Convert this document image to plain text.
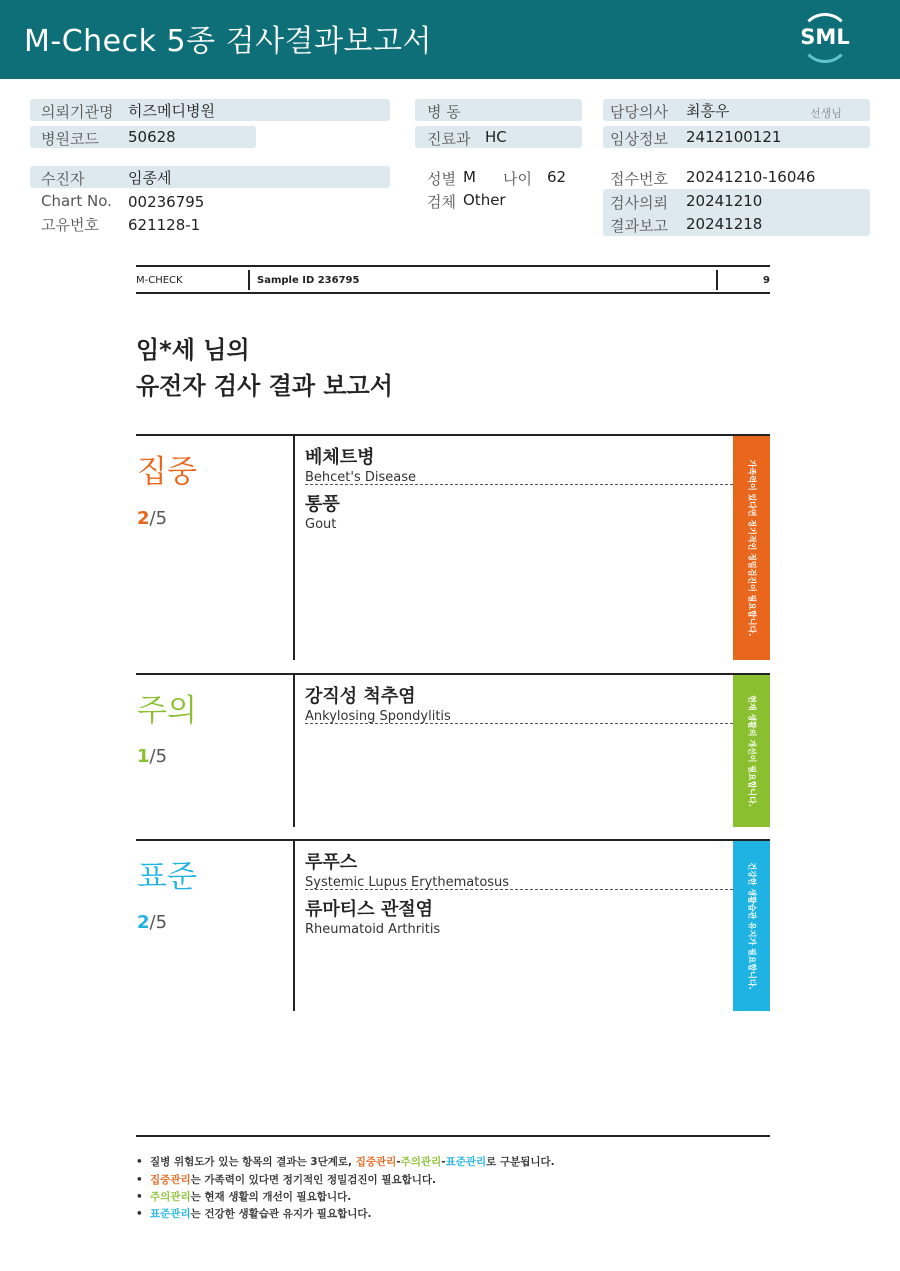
M-Check 5종 검사결과보고서	SML
의뢰기관명 히즈메디병원
병원코드 50628
병 동
진료과 HC
담당의사 최흥우	선생님
임상정보 2412100121
수진자	임종세
Chart No. 00236795
고유번호 621128-1
성별 M 나이 62
검체 Other
접수번호 20241210-16046
검사의뢰 20241210
결과보고 20241218
M-CHECK	Sample ID 236795	9
임*세 님의
유전자 검사 결과 보고서
집중
2/5
베체트병
Behcet's Disease
통풍
Gout	가족력이 있다면 정기적인 정밀검진이 필요합니다.
주의
1/5
강직성 척추염
Ankylosing Spondylitis	현재 생활의 개선이 필요합니다.
표준
2/5
루푸스
Systemic Lupus Erythematosus
류마티스 관절염
Rheumatoid Arthritis	건강한 생활습관 유지가 필요합니다.
•  질병 위험도가 있는 항목의 결과는 3단계로, 집중관리-주의관리-표준관리로 구분됩니다.
•  집중관리는 가족력이 있다면 정기적인 정밀검진이 필요합니다.
•  주의관리는 현재 생활의 개선이 필요합니다.
•  표준관리는 건강한 생활습관 유지가 필요합니다.
